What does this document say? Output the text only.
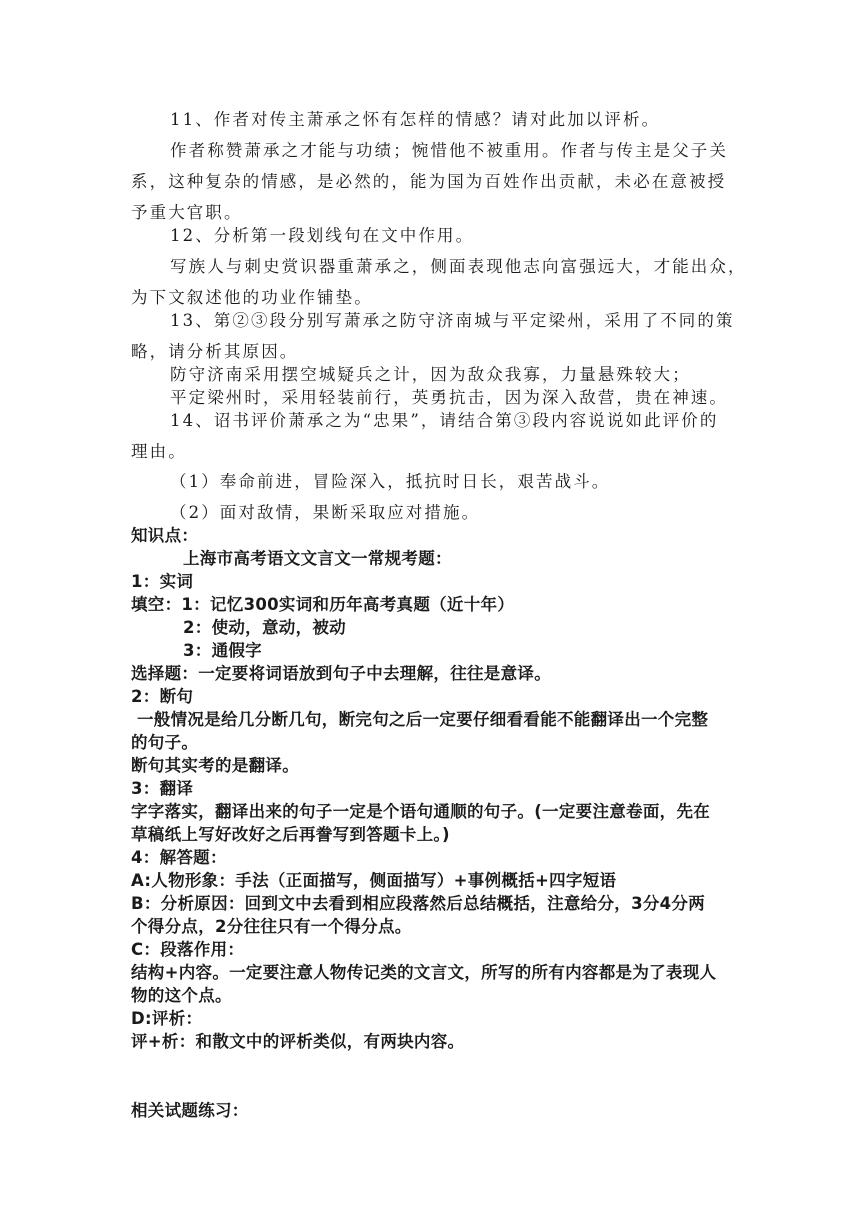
11、作者对传主萧承之怀有怎样的情感？请对此加以评析。
作者称赞萧承之才能与功绩；惋惜他不被重用。作者与传主是父子关
系，这种复杂的情感，是必然的，能为国为百姓作出贡献，未必在意被授
予重大官职。
12、分析第一段划线句在文中作用。
写族人与刺史赏识器重萧承之，侧面表现他志向富强远大，才能出众，
为下文叙述他的功业作铺垫。
13、第②③段分别写萧承之防守济南城与平定梁州，采用了不同的策
略，请分析其原因。
防守济南采用摆空城疑兵之计，因为敌众我寡，力量悬殊较大；
平定梁州时，采用轻装前行，英勇抗击，因为深入敌营，贵在神速。
14、诏书评价萧承之为“忠果”，请结合第③段内容说说如此评价的
理由。
（1）奉命前进，冒险深入，抵抗时日长，艰苦战斗。
（2）面对敌情，果断采取应对措施。
知识点：
上海市高考语文文言文一常规考题：
1：实词
填空：1：记忆300实词和历年高考真题（近十年）
2：使动，意动，被动
3：通假字
选择题：一定要将词语放到句子中去理解，往往是意译。
2：断句
一般情况是给几分断几句，断完句之后一定要仔细看看能不能翻译出一个完整
的句子。
断句其实考的是翻译。
3：翻译
字字落实，翻译出来的句子一定是个语句通顺的句子。(一定要注意卷面，先在
草稿纸上写好改好之后再誊写到答题卡上。)
4：解答题：
A:人物形象：手法（正面描写，侧面描写）+事例概括+四字短语
B：分析原因：回到文中去看到相应段落然后总结概括，注意给分，3分4分两
个得分点，2分往往只有一个得分点。
C：段落作用：
结构+内容。一定要注意人物传记类的文言文，所写的所有内容都是为了表现人
物的这个点。
D:评析：
评+析：和散文中的评析类似，有两块内容。
相关试题练习：
